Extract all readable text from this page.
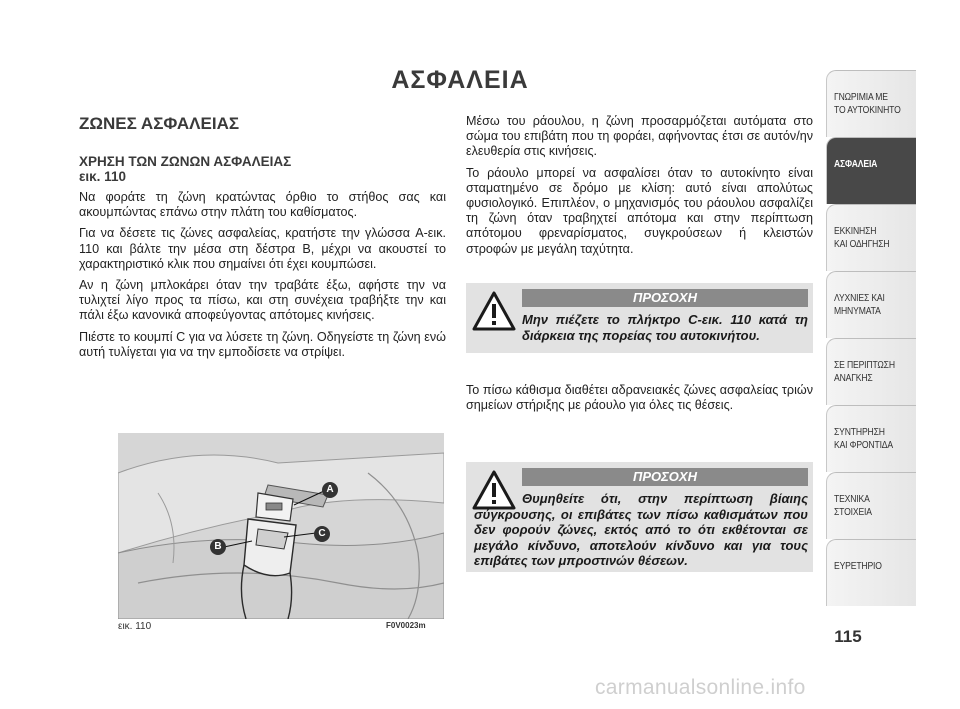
ΑΣΦΑΛΕΙΑ
ΖΩΝΕΣ ΑΣΦΑΛΕΙΑΣ
ΧΡΗΣΗ ΤΩΝ ΖΩΝΩΝ ΑΣΦΑΛΕΙΑΣ
εικ. 110

Να φοράτε τη ζώνη κρατώντας όρθιο το στήθος σας και ακουμπώντας επάνω στην πλάτη του καθίσματος.

Για να δέσετε τις ζώνες ασφαλείας, κρατήστε την γλώσσα A-εικ. 110 και βάλτε την μέσα στη δέστρα B, μέχρι να ακουστεί το χαρακτηριστικό κλικ που σημαίνει ότι έχει κουμπώσει.

Αν η ζώνη μπλοκάρει όταν την τραβάτε έξω, αφήστε την να τυλιχτεί λίγο προς τα πίσω, και στη συνέχεια τραβήξτε την και πάλι έξω κανονικά αποφεύγοντας απότομες κινήσεις.

Πιέστε το κουμπί C για να λύσετε τη ζώνη. Οδηγείστε τη ζώνη ενώ αυτή τυλίγεται για να την εμποδίσετε να στρίψει.

A
B
C
εικ. 110	F0V0023m

Μέσω του ράουλου, η ζώνη προσαρμόζεται αυτόματα στο σώμα του επιβάτη που τη φοράει, αφήνοντας έτσι σε αυτόν/ην ελευθερία στις κινήσεις.

Το ράουλο μπορεί να ασφαλίσει όταν το αυτοκίνητο είναι σταματημένο σε δρόμο με κλίση: αυτό είναι απολύτως φυσιολογικό. Επιπλέον, ο μηχανισμός του ράουλου ασφαλίζει τη ζώνη όταν τραβηχτεί απότομα και στην περίπτωση απότομου φρεναρίσματος, συγκρούσεων ή κλειστών στροφών με μεγάλη ταχύτητα.

ΠΡΟΣΟΧΗ
Μην πιέζετε το πλήκτρο C-εικ. 110 κατά τη διάρκεια της πορείας του αυτοκινήτου.

Το πίσω κάθισμα διαθέτει αδρανειακές ζώνες ασφαλείας τριών σημείων στήριξης με ράουλο για όλες τις θέσεις.

ΠΡΟΣΟΧΗ
Θυμηθείτε ότι, στην περίπτωση βίαιης σύγκρουσης, οι επιβάτες των πίσω καθισμάτων που δεν φορούν ζώνες, εκτός από το ότι εκθέτονται σε μεγάλο κίνδυνο, αποτελούν κίνδυνο και για τους επιβάτες των μπροστινών θέσεων.
ΓΝΩΡΙΜΙΑ ΜΕ
ΤΟ ΑΥΤΟΚΙΝΗΤΟ
ΑΣΦΑΛΕΙΑ
ΕΚΚΙΝΗΣΗ
ΚΑΙ ΟΔΗΓΗΣΗ
ΛΥΧΝΙΕΣ ΚΑΙ
ΜΗΝΥΜΑΤΑ
ΣΕ ΠΕΡΙΠΤΩΣΗ
ΑΝΑΓΚΗΣ
ΣΥΝΤΗΡΗΣΗ
ΚΑΙ ΦΡΟΝΤΙΔΑ
ΤΕΧΝΙΚΑ
ΣΤΟΙΧΕΙΑ
ΕΥΡΕΤΗΡΙΟ
115
carmanualsonline.info
